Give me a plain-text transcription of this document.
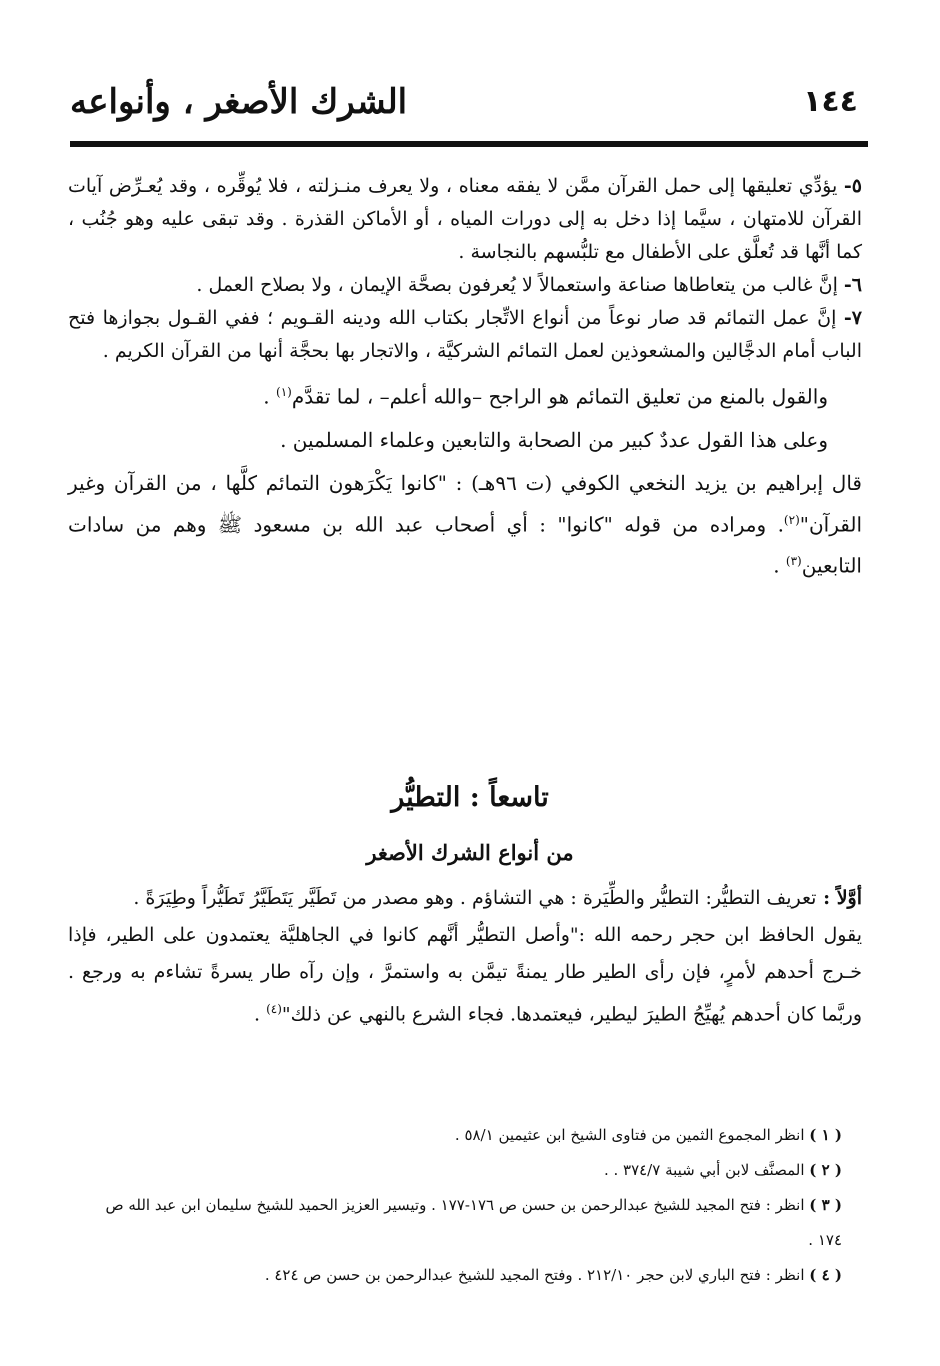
١٤٤
الشرك الأصغر ، وأنواعه

٥- يؤدِّي تعليقها إلى حمل القرآن ممَّن لا يفقه معناه ، ولا يعرف منـزلته ، فلا يُوقِّره ، وقد يُعـرِّض آيات القرآن للامتهان ، سيَّما إذا دخل به إلى دورات المياه ، أو الأماكن القذرة . وقد تبقى عليه وهو جُنُب ، كما أنَّها قد تُعلَّق على الأطفال مع تلبُّسهم بالنجاسة .

٦- إنَّ غالب من يتعاطاها صناعة واستعمالاً لا يُعرفون بصحَّة الإيمان ، ولا بصلاح العمل .

٧- إنَّ عمل التمائم قد صار نوعاً من أنواع الاتِّجار بكتاب الله ودينه القـويم ؛ ففي القـول بجوازها فتح الباب أمام الدجَّالين والمشعوذين لعمل التمائم الشركيَّة ، والاتجار بها بحجَّة أنها من القرآن الكريم .

والقول بالمنع من تعليق التمائم هو الراجح –والله أعلم– ، لما تقدَّم$^{(١)}$ .

وعلى هذا القول عددٌ كبير من الصحابة والتابعين وعلماء المسلمين .

قال إبراهيم بن يزيد النخعي الكوفي (ت ٩٦هـ) : "كانوا يَكْرَهون التمائم كلَّها ، من القرآن وغير القرآن"$^{(٢)}$. ومراده من قوله "كانوا" : أي أصحاب عبد الله بن مسعود ﷺ وهم من سادات التابعين$^{(٣)}$ .

تاسعاً : التطيُّر
من أنواع الشرك الأصغر

أوَّلاً : تعريف التطيُّر: التطيُّر والطِّيَرة : هي التشاؤم . وهو مصدر من تَطَيَّر يَتَطَيَّرُ تَطَيُّراً وطِيَرَةً .

يقول الحافظ ابن حجر رحمه الله :"وأصل التطيُّر أنَّهم كانوا في الجاهليَّة يعتمدون على الطير، فإذا خـرج أحدهم لأمرٍ، فإن رأى الطير طار يمنةً تيمَّن به واستمرَّ ، وإن رآه طار يسرةً تشاءم به ورجع . وربَّما كان أحدهم يُهيِّجُ الطيرَ ليطير، فيعتمدها. فجاء الشرع بالنهي عن ذلك"$^{(٤)}$ .

( ١ ) انظر المجموع الثمين من فتاوى الشيخ ابن عثيمين ٥٨/١ .

( ٢ ) المصنَّف لابن أبي شيبة ٣٧٤/٧ . .

( ٣ ) انظر : فتح المجيد للشيخ عبدالرحمن بن حسن ص ١٧٦-١٧٧ . وتيسير العزيز الحميد للشيخ سليمان ابن عبد الله ص ١٧٤ .

( ٤ ) انظر : فتح الباري لابن حجر ٢١٢/١٠ . وفتح المجيد للشيخ عبدالرحمن بن حسن ص ٤٢٤ .
